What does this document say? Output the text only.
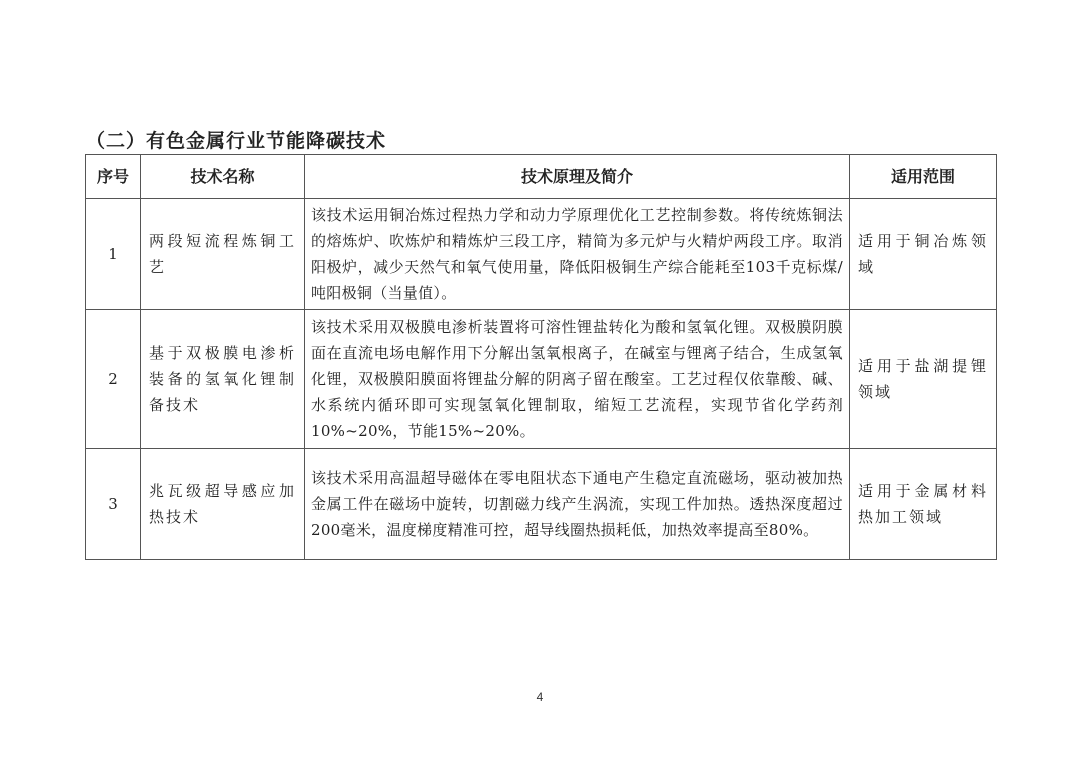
（二）有色金属行业节能降碳技术
序号	技术名称	技术原理及简介	适用范围
1	两段短流程炼铜工艺	该技术运用铜冶炼过程热力学和动力学原理优化工艺控制参数。将传统炼铜法的熔炼炉、吹炼炉和精炼炉三段工序，精简为多元炉与火精炉两段工序。取消阳极炉，减少天然气和氧气使用量，降低阳极铜生产综合能耗至103千克标煤/吨阳极铜（当量值）。	适用于铜冶炼领域
2	基于双极膜电渗析装备的氢氧化锂制备技术	该技术采用双极膜电渗析装置将可溶性锂盐转化为酸和氢氧化锂。双极膜阴膜面在直流电场电解作用下分解出氢氧根离子，在碱室与锂离子结合，生成氢氧化锂，双极膜阳膜面将锂盐分解的阴离子留在酸室。工艺过程仅依靠酸、碱、水系统内循环即可实现氢氧化锂制取，缩短工艺流程，实现节省化学药剂10%~20%，节能15%~20%。	适用于盐湖提锂领域
3	兆瓦级超导感应加热技术	该技术采用高温超导磁体在零电阻状态下通电产生稳定直流磁场，驱动被加热金属工件在磁场中旋转，切割磁力线产生涡流，实现工件加热。透热深度超过200毫米，温度梯度精准可控，超导线圈热损耗低，加热效率提高至80%。	适用于金属材料热加工领域
4
